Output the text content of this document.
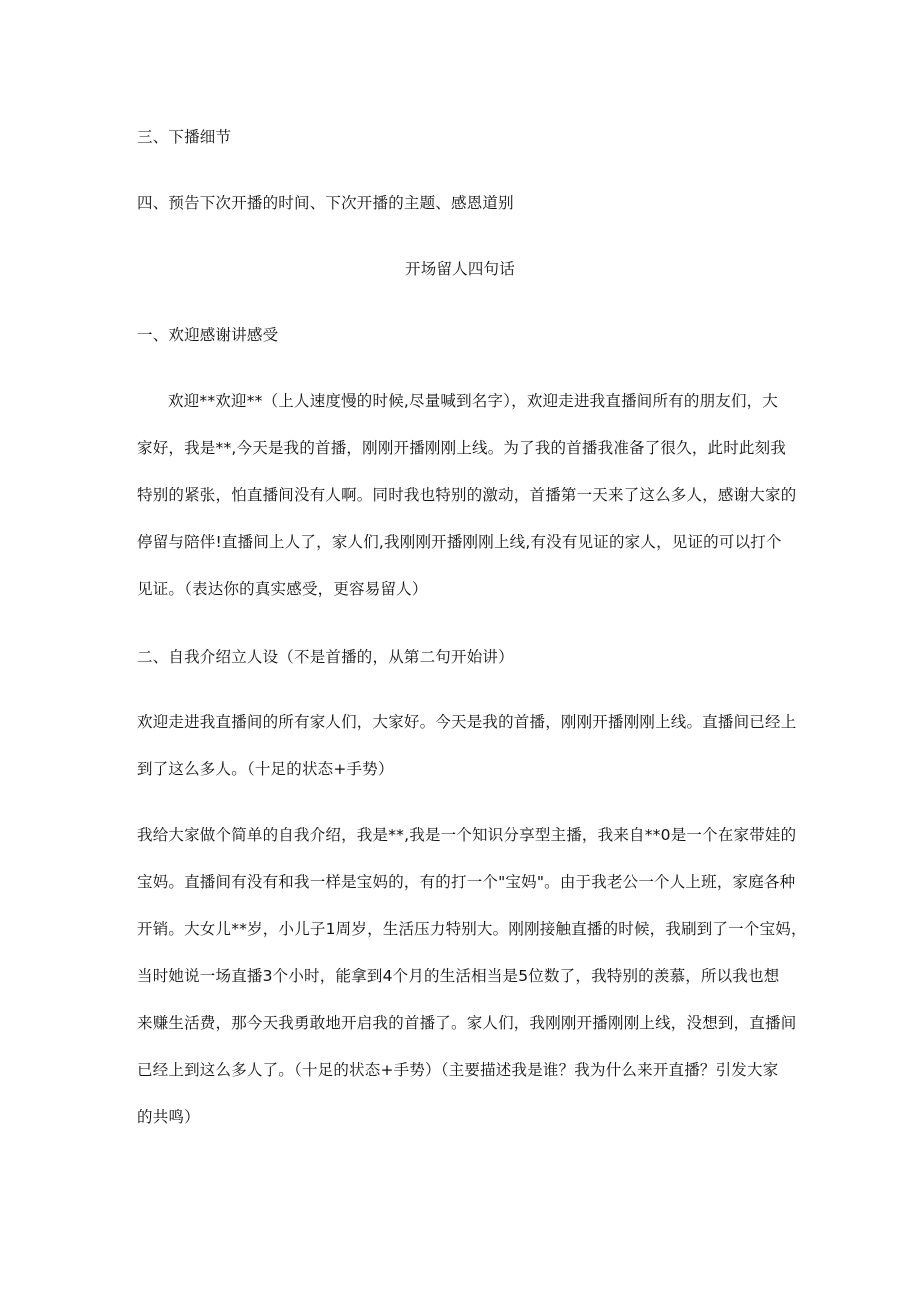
三、下播细节
四、预告下次开播的时间、下次开播的主题、感恩道别
开场留人四句话
一、欢迎感谢讲感受
欢迎**欢迎**（上人速度慢的时候,尽量喊到名字），欢迎走进我直播间所有的朋友们，大
家好，我是**,今天是我的首播，刚刚开播刚刚上线。为了我的首播我准备了很久，此时此刻我
特别的紧张，怕直播间没有人啊。同时我也特别的激动，首播第一天来了这么多人，感谢大家的
停留与陪伴!直播间上人了，家人们,我刚刚开播刚刚上线,有没有见证的家人，见证的可以打个
见证。（表达你的真实感受，更容易留人）
二、自我介绍立人设（不是首播的，从第二句开始讲）
欢迎走进我直播间的所有家人们，大家好。今天是我的首播，刚刚开播刚刚上线。直播间已经上
到了这么多人。（十足的状态+手势）
我给大家做个简单的自我介绍，我是**,我是一个知识分享型主播，我来自**0是一个在家带娃的
宝妈。直播间有没有和我一样是宝妈的，有的打一个"宝妈"。由于我老公一个人上班，家庭各种
开销。大女儿**岁，小儿子1周岁，生活压力特别大。刚刚接触直播的时候，我刷到了一个宝妈，
当时她说一场直播3个小时，能拿到4个月的生活相当是5位数了，我特别的羡慕，所以我也想
来赚生活费，那今天我勇敢地开启我的首播了。家人们，我刚刚开播刚刚上线，没想到，直播间
已经上到这么多人了。（十足的状态+手势）（主要描述我是谁？我为什么来开直播？引发大家
的共鸣）
